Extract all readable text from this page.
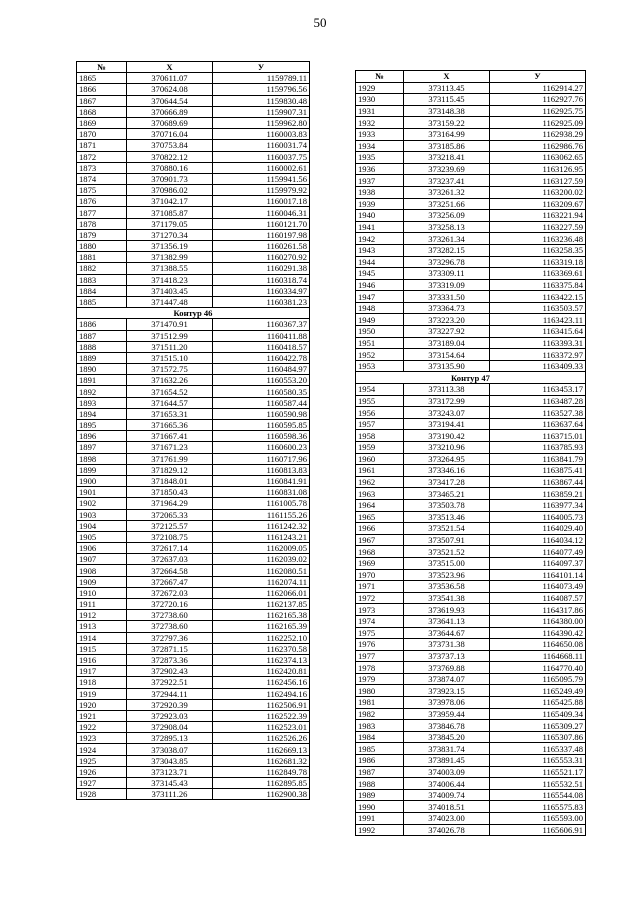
50
№	X	У
1865	370611.07	1159789.11
1866	370624.08	1159796.56
1867	370644.54	1159830.48
1868	370666.89	1159907.31
1869	370689.69	1159962.80
1870	370716.04	1160003.83
1871	370753.84	1160031.74
1872	370822.12	1160037.75
1873	370880.16	1160002.61
1874	370901.73	1159941.56
1875	370986.02	1159979.92
1876	371042.17	1160017.18
1877	371085.87	1160046.31
1878	371179.05	1160121.70
1879	371270.34	1160197.98
1880	371356.19	1160261.58
1881	371382.99	1160270.92
1882	371388.55	1160291.38
1883	371418.23	1160318.74
1884	371403.45	1160334.97
1885	371447.48	1160381.23
Контур 46		
1886	371470.91	1160367.37
1887	371512.99	1160411.88
1888	371511.20	1160418.57
1889	371515.10	1160422.78
1890	371572.75	1160484.97
1891	371632.26	1160553.20
1892	371654.52	1160580.35
1893	371644.57	1160587.44
1894	371653.31	1160590.98
1895	371665.36	1160595.85
1896	371667.41	1160598.36
1897	371671.23	1160600.23
1898	371761.99	1160717.96
1899	371829.12	1160813.83
1900	371848.01	1160841.91
1901	371850.43	1160831.08
1902	371964.29	1161005.78
1903	372065.33	1161155.26
1904	372125.57	1161242.32
1905	372108.75	1161243.21
1906	372617.14	1162009.05
1907	372637.03	1162039.02
1908	372664.58	1162080.51
1909	372667.47	1162074.11
1910	372672.03	1162066.01
1911	372720.16	1162137.85
1912	372738.60	1162165.38
1913	372738.60	1162165.39
1914	372797.36	1162252.10
1915	372871.15	1162370.58
1916	372873.36	1162374.13
1917	372902.43	1162420.81
1918	372922.51	1162456.16
1919	372944.11	1162494.16
1920	372920.39	1162506.91
1921	372923.03	1162522.39
1922	372908.04	1162523.01
1923	372895.13	1162526.26
1924	373038.07	1162669.13
1925	373043.85	1162681.32
1926	373123.71	1162849.78
1927	373145.43	1162895.85
1928	373111.26	1162900.38
№	X	У
1929	373113.45	1162914.27
1930	373115.45	1162927.76
1931	373148.38	1162925.75
1932	373159.22	1162925.09
1933	373164.99	1162938.29
1934	373185.86	1162986.76
1935	373218.41	1163062.65
1936	373239.69	1163126.95
1937	373237.41	1163127.59
1938	373261.32	1163200.02
1939	373251.66	1163209.67
1940	373256.09	1163221.94
1941	373258.13	1163227.59
1942	373261.34	1163236.48
1943	373282.15	1163258.35
1944	373296.78	1163319.18
1945	373309.11	1163369.61
1946	373319.09	1163375.84
1947	373331.50	1163422.15
1948	373364.73	1163503.57
1949	373223.20	1163423.11
1950	373227.92	1163415.64
1951	373189.04	1163393.31
1952	373154.64	1163372.97
1953	373135.90	1163409.33
Контур 47		
1954	373113.38	1163453.17
1955	373172.99	1163487.28
1956	373243.07	1163527.38
1957	373194.41	1163637.64
1958	373190.42	1163715.01
1959	373210.96	1163785.93
1960	373264.95	1163841.79
1961	373346.16	1163875.41
1962	373417.28	1163867.44
1963	373465.21	1163859.21
1964	373503.78	1163977.34
1965	373513.46	1164005.73
1966	373521.54	1164029.40
1967	373507.91	1164034.12
1968	373521.52	1164077.49
1969	373515.00	1164097.37
1970	373523.96	1164101.14
1971	373536.58	1164073.49
1972	373541.38	1164087.57
1973	373619.93	1164317.86
1974	373641.13	1164380.00
1975	373644.67	1164390.42
1976	373731.38	1164650.08
1977	373737.13	1164668.11
1978	373769.88	1164770.40
1979	373874.07	1165095.79
1980	373923.15	1165249.49
1981	373978.06	1165425.88
1982	373959.44	1165409.34
1983	373846.78	1165309.27
1984	373845.20	1165307.86
1985	373831.74	1165337.48
1986	373891.45	1165553.31
1987	374003.09	1165521.17
1988	374006.44	1165532.51
1989	374009.74	1165544.08
1990	374018.51	1165575.83
1991	374023.00	1165593.00
1992	374026.78	1165606.91
